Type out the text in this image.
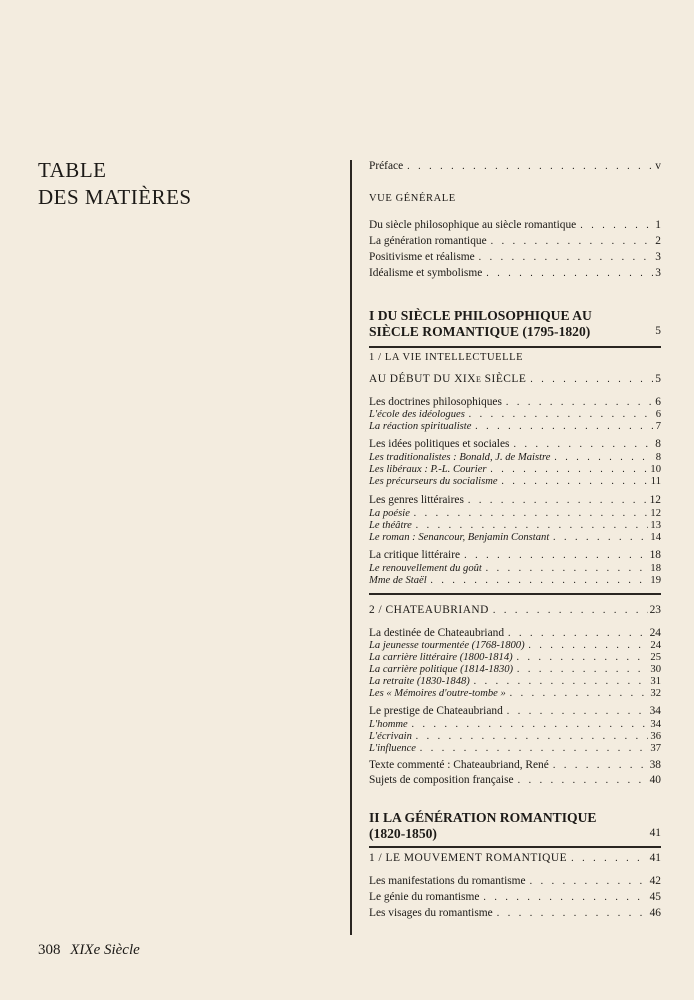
TABLE
DES MATIÈRES
Préface . . .	v
VUE GÉNÉRALE
Du siècle philosophique au siècle romantique . . .	1
La génération romantique . . .	2
Positivisme et réalisme . . .	3
Idéalisme et symbolisme . . .	3
I DU SIÈCLE PHILOSOPHIQUE AU
SIÈCLE ROMANTIQUE (1795-1820)	5
1 / LA VIE INTELLECTUELLE
AU DÉBUT DU XIXe SIÈCLE . . .	5
Les doctrines philosophiques . . .	6
L'école des idéologues . . .	6
La réaction spiritualiste . . .	7
Les idées politiques et sociales . . .	8
Les traditionalistes : Bonald, J. de Maistre . . .	8
Les libéraux : P.-L. Courier . . .	10
Les précurseurs du socialisme . . .	11
Les genres littéraires . . .	12
La poésie . . .	12
Le théâtre . . .	13
Le roman : Senancour, Benjamin Constant . . .	14
La critique littéraire . . .	18
Le renouvellement du goût . . .	18
Mme de Staël . . .	19
2 / CHATEAUBRIAND . . .	23
La destinée de Chateaubriand . . .	24
La jeunesse tourmentée (1768-1800) . . .	24
La carrière littéraire (1800-1814) . . .	25
La carrière politique (1814-1830) . . .	30
La retraite (1830-1848) . . .	31
Les « Mémoires d'outre-tombe » . . .	32
Le prestige de Chateaubriand . . .	34
L'homme . . .	34
L'écrivain . . .	36
L'influence . . .	37
Texte commenté : Chateaubriand, René . . .	38
Sujets de composition française . . .	40
II LA GÉNÉRATION ROMANTIQUE
(1820-1850)	41
1 / LE MOUVEMENT ROMANTIQUE . . .	41
Les manifestations du romantisme . . .	42
Le génie du romantisme . . .	45
Les visages du romantisme . . .	46
308 XIXe Siècle
